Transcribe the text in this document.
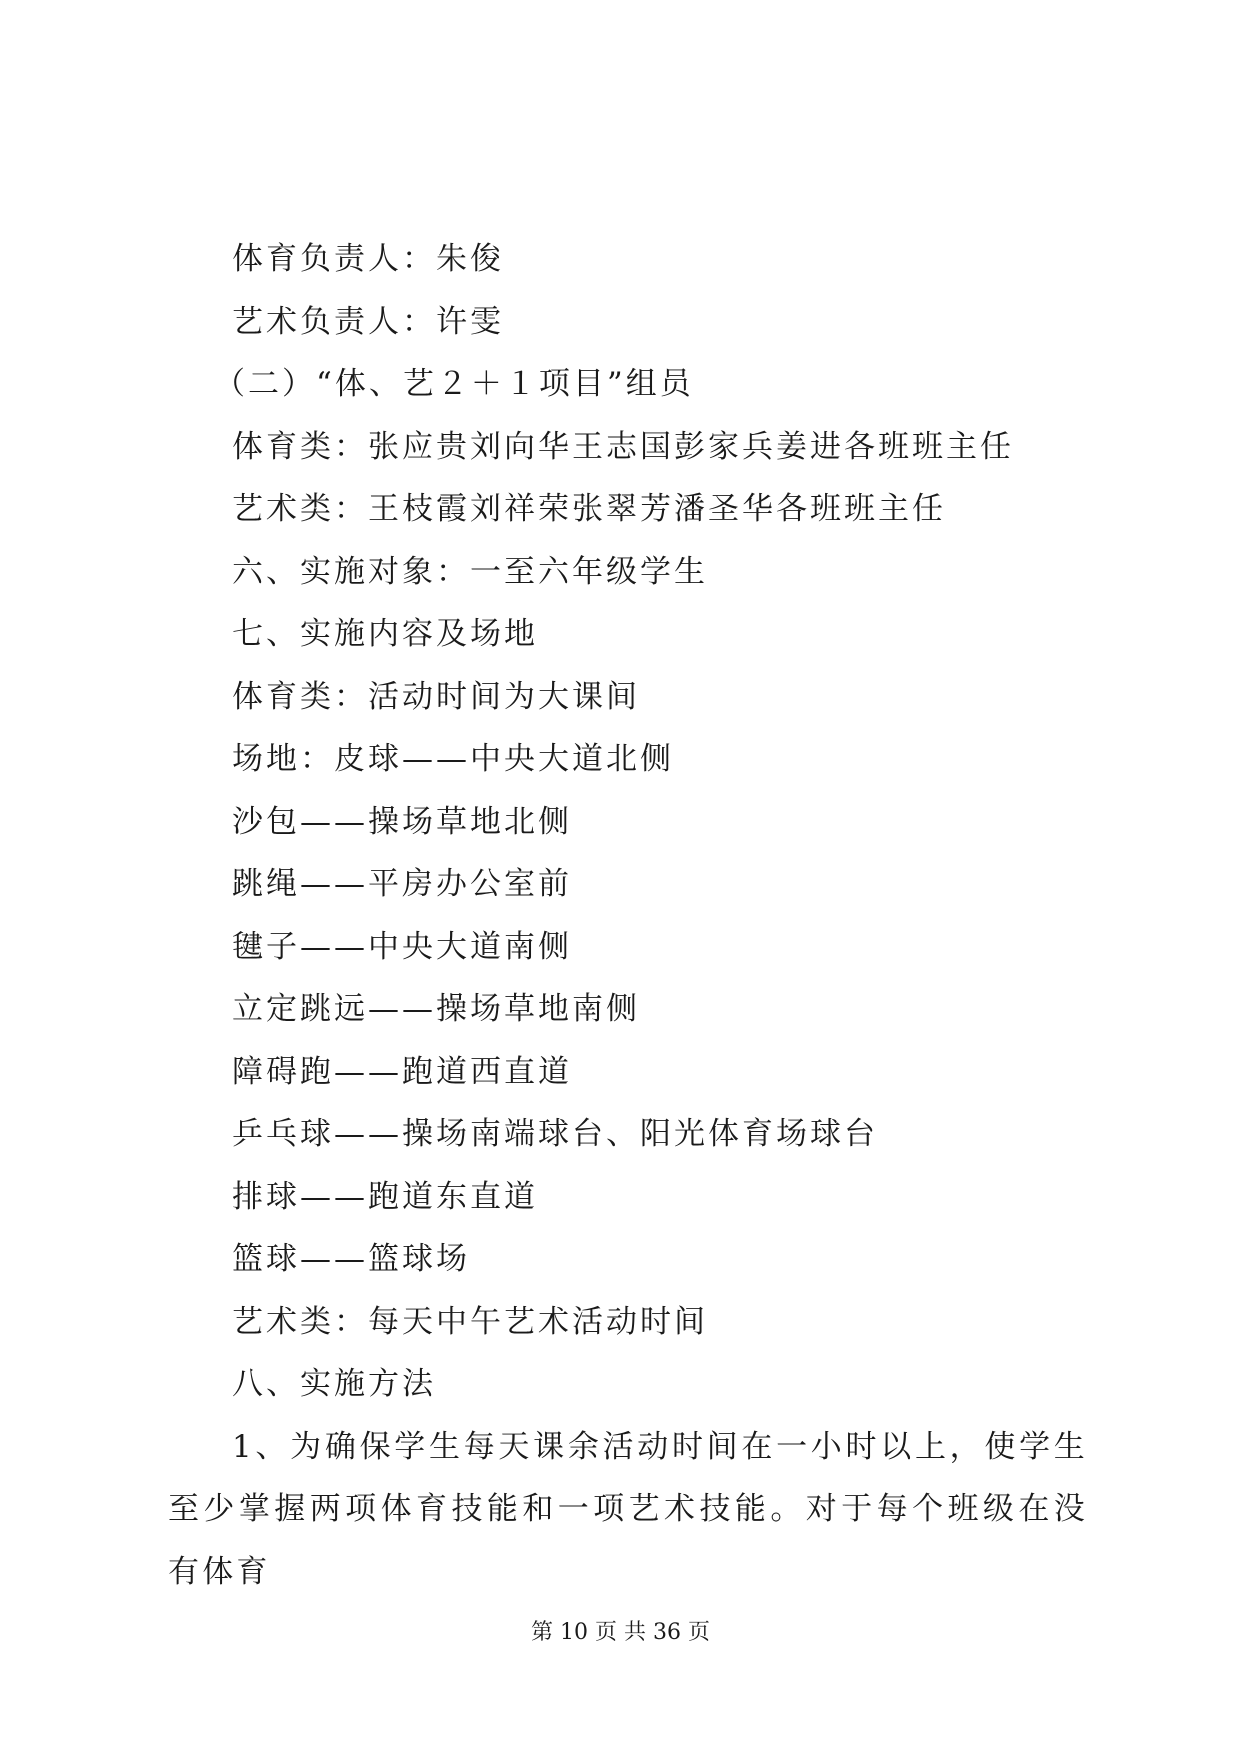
体育负责人：朱俊
艺术负责人：许雯
（二）“体、艺２＋１项目”组员
体育类：张应贵刘向华王志国彭家兵姜进各班班主任
艺术类：王枝霞刘祥荣张翠芳潘圣华各班班主任
六、实施对象：一至六年级学生
七、实施内容及场地
体育类：活动时间为大课间
场地：皮球——中央大道北侧
沙包——操场草地北侧
跳绳——平房办公室前
毽子——中央大道南侧
立定跳远——操场草地南侧
障碍跑——跑道西直道
乒乓球——操场南端球台、阳光体育场球台
排球——跑道东直道
篮球——篮球场
艺术类：每天中午艺术活动时间
八、实施方法
1、为确保学生每天课余活动时间在一小时以上，使学生至少掌握两项体育技能和一项艺术技能。对于每个班级在没有体育
第 10 页 共 36 页
